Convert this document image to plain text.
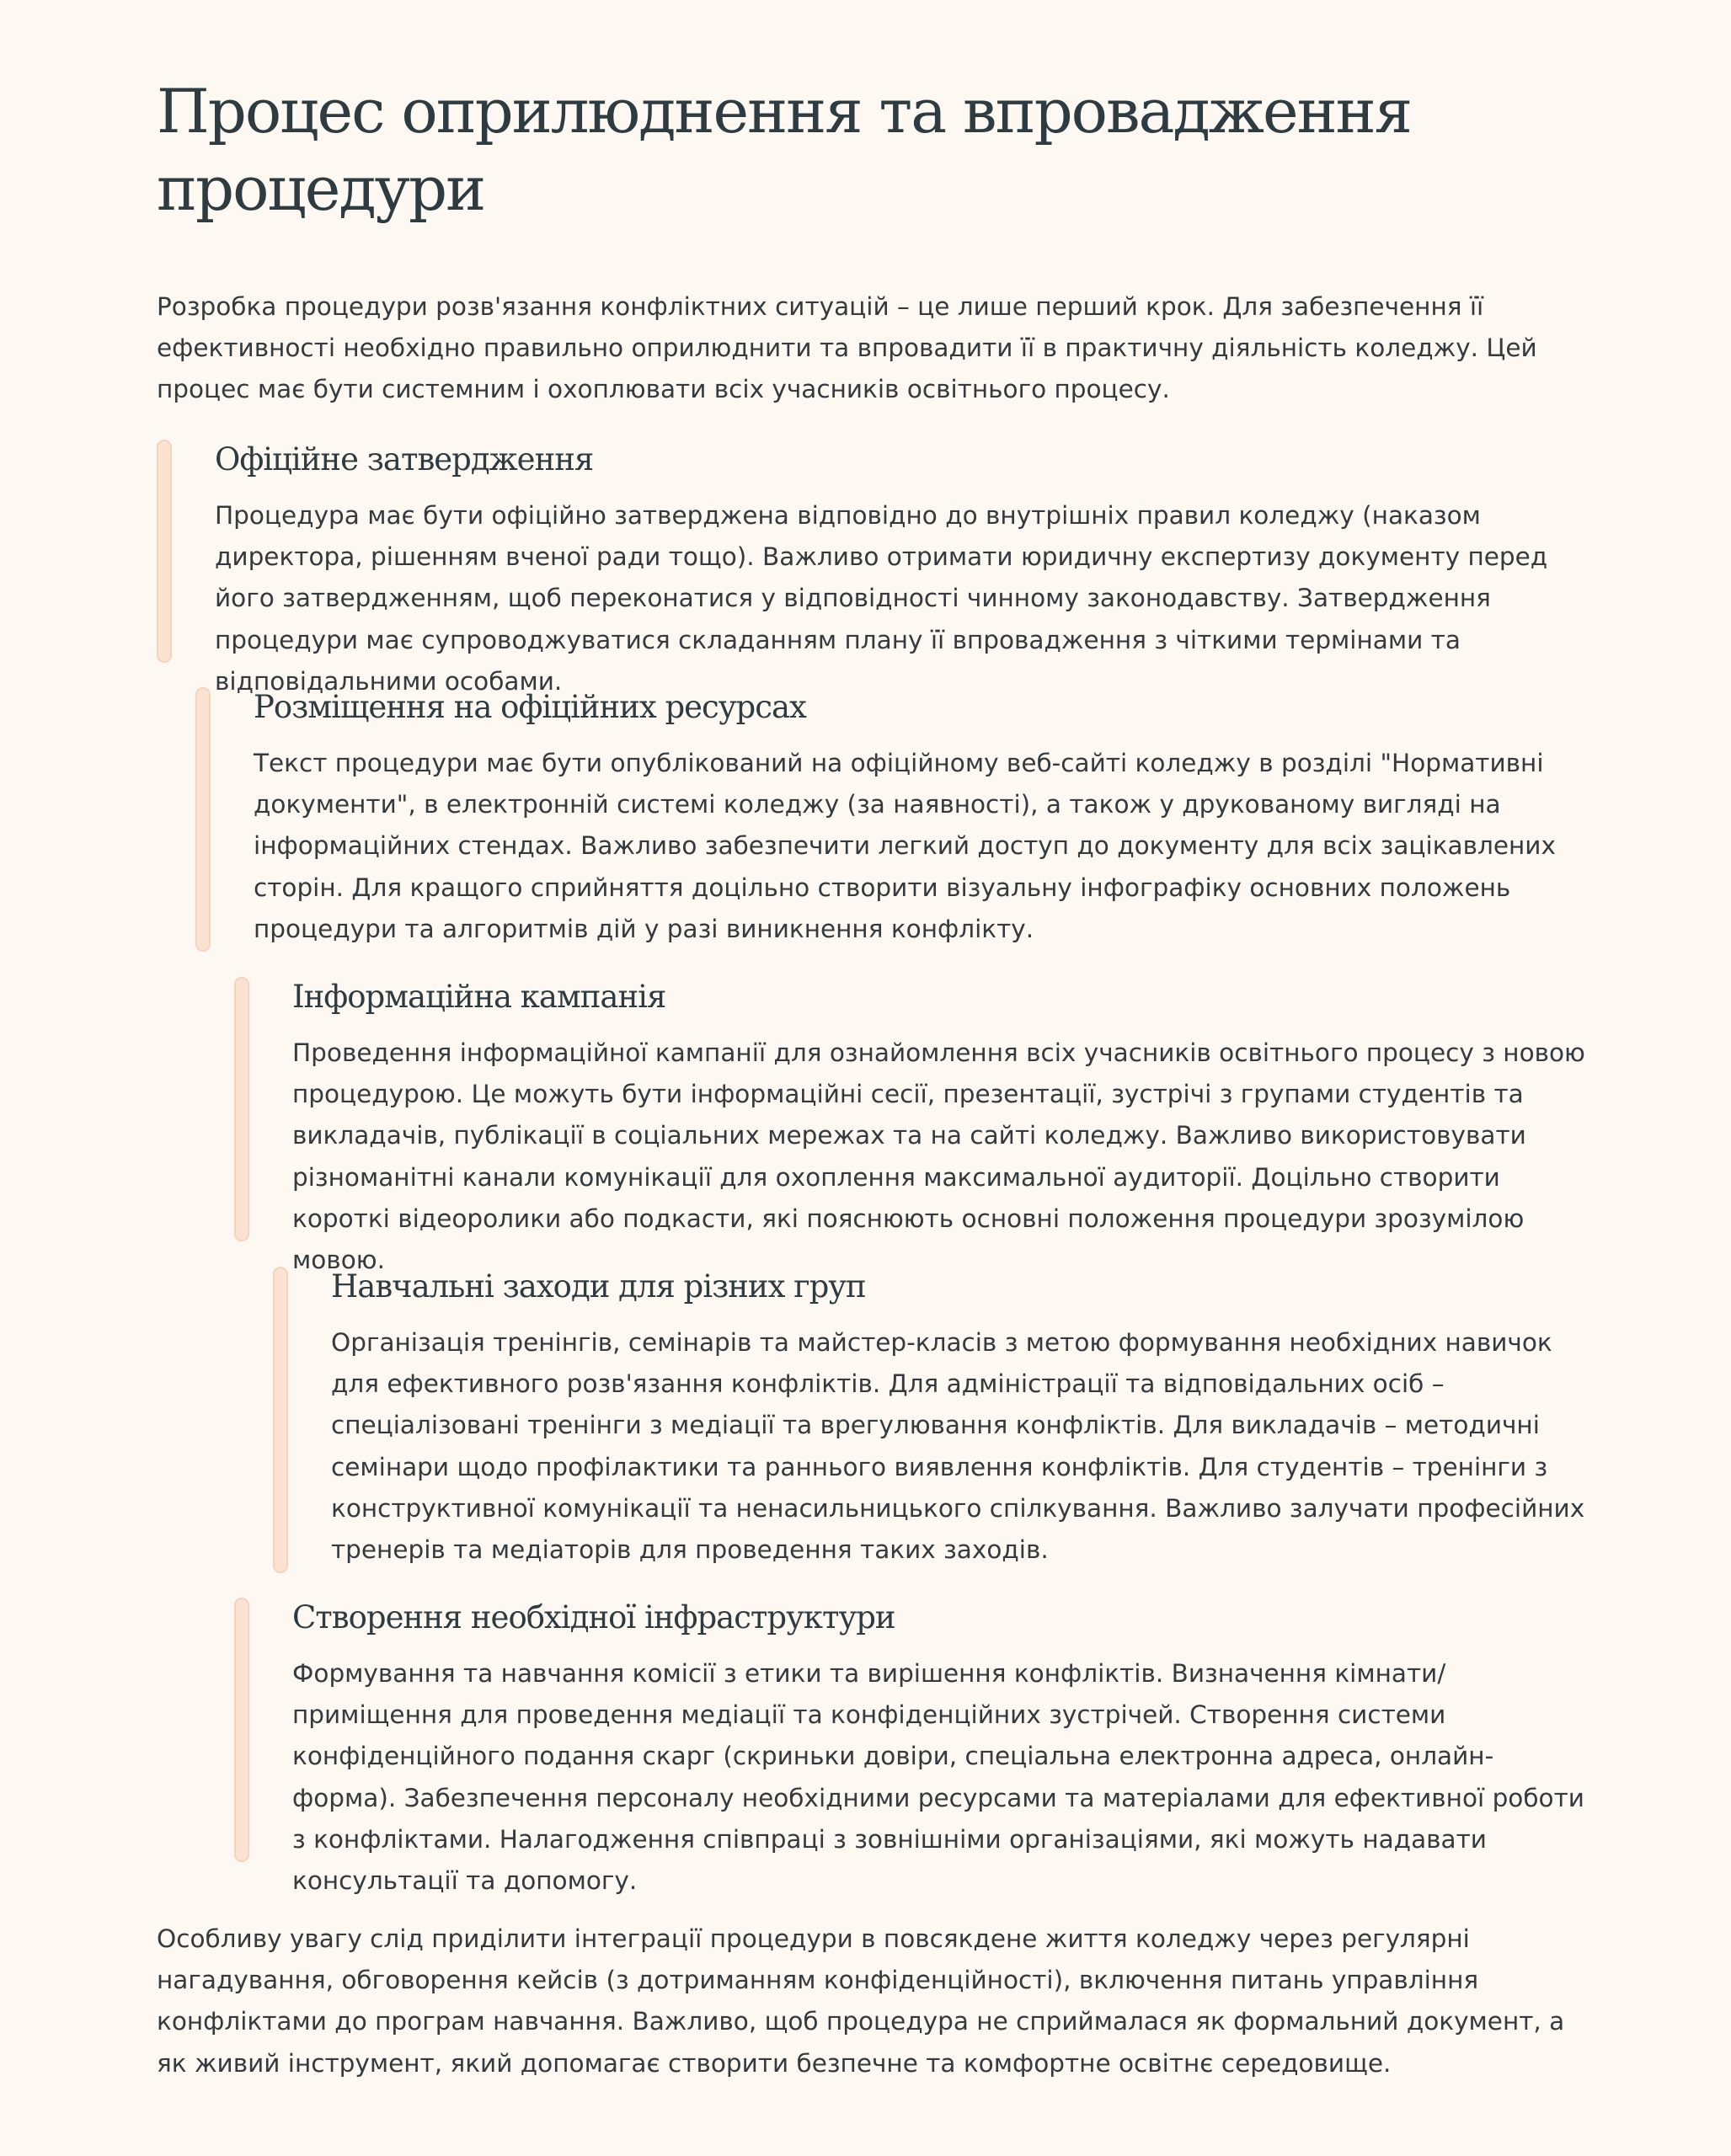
Процес оприлюднення та впровадження процедури

Розробка процедури розв'язання конфліктних ситуацій – це лише перший крок. Для забезпечення її ефективності необхідно правильно оприлюднити та впровадити її в практичну діяльність коледжу. Цей процес має бути системним і охоплювати всіх учасників освітнього процесу.

Офіційне затвердження

Процедура має бути офіційно затверджена відповідно до внутрішніх правил коледжу (наказом директора, рішенням вченої ради тощо). Важливо отримати юридичну експертизу документу перед його затвердженням, щоб переконатися у відповідності чинному законодавству. Затвердження процедури має супроводжуватися складанням плану її впровадження з чіткими термінами та відповідальними особами.

Розміщення на офіційних ресурсах

Текст процедури має бути опублікований на офіційному веб-сайті коледжу в розділі "Нормативні документи", в електронній системі коледжу (за наявності), а також у друкованому вигляді на інформаційних стендах. Важливо забезпечити легкий доступ до документу для всіх зацікавлених сторін. Для кращого сприйняття доцільно створити візуальну інфографіку основних положень процедури та алгоритмів дій у разі виникнення конфлікту.

Інформаційна кампанія

Проведення інформаційної кампанії для ознайомлення всіх учасників освітнього процесу з новою процедурою. Це можуть бути інформаційні сесії, презентації, зустрічі з групами студентів та викладачів, публікації в соціальних мережах та на сайті коледжу. Важливо використовувати різноманітні канали комунікації для охоплення максимальної аудиторії. Доцільно створити короткі відеоролики або подкасти, які пояснюють основні положення процедури зрозумілою мовою.

Навчальні заходи для різних груп

Організація тренінгів, семінарів та майстер-класів з метою формування необхідних навичок для ефективного розв'язання конфліктів. Для адміністрації та відповідальних осіб – спеціалізовані тренінги з медіації та врегулювання конфліктів. Для викладачів – методичні семінари щодо профілактики та раннього виявлення конфліктів. Для студентів – тренінги з конструктивної комунікації та ненасильницького спілкування. Важливо залучати професійних тренерів та медіаторів для проведення таких заходів.

Створення необхідної інфраструктури

Формування та навчання комісії з етики та вирішення конфліктів. Визначення кімнати/приміщення для проведення медіації та конфіденційних зустрічей. Створення системи конфіденційного подання скарг (скриньки довіри, спеціальна електронна адреса, онлайн-форма). Забезпечення персоналу необхідними ресурсами та матеріалами для ефективної роботи з конфліктами. Налагодження співпраці з зовнішніми організаціями, які можуть надавати консультації та допомогу.

Особливу увагу слід приділити інтеграції процедури в повсякдене життя коледжу через регулярні нагадування, обговорення кейсів (з дотриманням конфіденційності), включення питань управління конфліктами до програм навчання. Важливо, щоб процедура не сприймалася як формальний документ, а як живий інструмент, який допомагає створити безпечне та комфортне освітнє середовище.
